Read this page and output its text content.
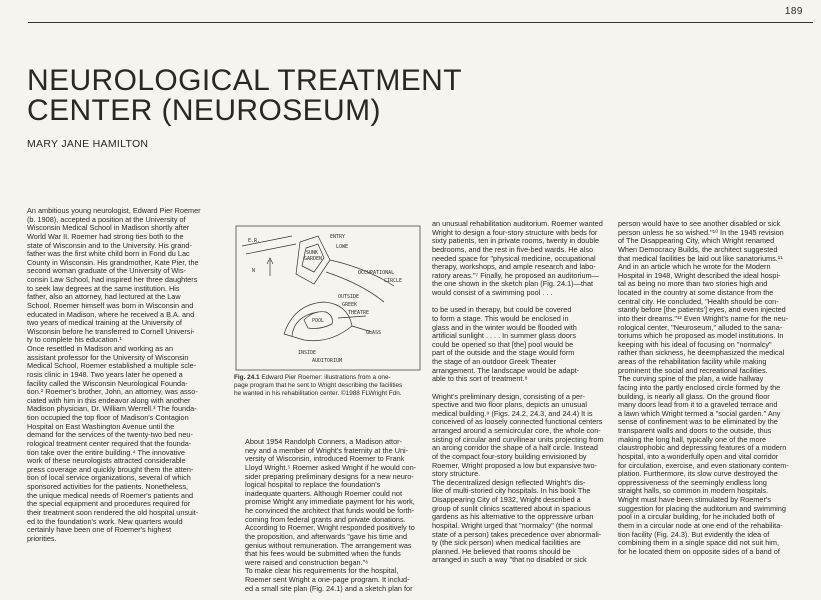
189
NEUROLOGICAL TREATMENT
CENTER (NEUROSEUM)
MARY JANE HAMILTON

An ambitious young neurologist, Edward Pier Roemer

(b. 1908), accepted a position at the University of

Wisconsin Medical School in Madison shortly after

World War II. Roemer had strong ties both to the

state of Wisconsin and to the University. His grand-

father was the first white child born in Fond du Lac

County in Wisconsin. His grandmother, Kate Pier, the

second woman graduate of the University of Wis-

consin Law School, had inspired her three daughters

to seek law degrees at the same institution. His

father, also an attorney, had lectured at the Law

School. Roemer himself was born in Wisconsin and

educated in Madison, where he received a B.A. and

two years of medical training at the University of

Wisconsin before he transferred to Cornell Universi-

ty to complete his education.¹

Once resettled in Madison and working as an

assistant professor for the University of Wisconsin

Medical School, Roemer established a multiple scle-

rosis clinic in 1948. Two years later he opened a

facility called the Wisconsin Neurological Founda-

tion.² Roemer's brother, John, an attorney, was asso-

ciated with him in this endeavor along with another

Madison physician, Dr. William Werrell.³ The founda-

tion occupied the top floor of Madison's Contagion

Hospital on East Washington Avenue until the

demand for the services of the twenty-two bed neu-

rological treatment center required that the founda-

tion take over the entire building.⁴ The innovative

work of these neurologists attracted considerable

press coverage and quickly brought them the atten-

tion of local service organizations, several of which

sponsored activities for the patients. Nonetheless,

the unique medical needs of Roemer's patients and

the special equipment and procedures required for

their treatment soon rendered the old hospital unsuit-

ed to the foundation's work. New quarters would

certainly have been one of Roemer's highest

priorities.

E.R.
N
ENTRY
SUNK
GARDEN
LOWE
OCCUPATIONAL
CIRCLE
OUTSIDE
GREEK
THEATRE
POOL
GLASS
INSIDE
AUDITORIUM
Fig. 24.1 Edward Pier Roemer: illustrations from a one-
page program that he sent to Wright describing the facilities
he wanted in his rehabilitation center. ©1988 FLWright Fdn.

About 1954 Randolph Conners, a Madison attor-

ney and a member of Wright's fraternity at the Uni-

versity of Wisconsin, introduced Roemer to Frank

Lloyd Wright.⁵ Roemer asked Wright if he would con-

sider preparing preliminary designs for a new neuro-

logical hospital to replace the foundation's

inadequate quarters. Although Roemer could not

promise Wright any immediate payment for his work,

he convinced the architect that funds would be forth-

coming from federal grants and private donations.

According to Roemer, Wright responded positively to

the proposition, and afterwards "gave his time and

genius without remuneration. The arrangement was

that his fees would be submitted when the funds

were raised and construction began."⁶

To make clear his requirements for the hospital,

Roemer sent Wright a one-page program. It includ-

ed a small site plan (Fig. 24.1) and a sketch plan for

an unusual rehabilitation auditorium. Roemer wanted

Wright to design a four-story structure with beds for

sixty patients, ten in private rooms, twenty in double

bedrooms, and the rest in five-bed wards. He also

needed space for "physical medicine, occupational

therapy, workshops, and ample research and labo-

ratory areas."⁷ Finally, he proposed an auditorium—

the one shown in the sketch plan (Fig. 24.1)—that

would consist of a swimming pool . . .

to be used in therapy, but could be covered

to form a stage. This would be enclosed in

glass and in the winter would be flooded with

artificial sunlight . . . . In summer glass doors

could be opened so that [the] pool would be

part of the outside and the stage would form

the stage of an outdoor Greek Theater

arrangement. The landscape would be adapt-

able to this sort of treatment.⁸

Wright's preliminary design, consisting of a per-

spective and two floor plans, depicts an unusual

medical building.⁹ (Figs. 24.2, 24.3, and 24.4) It is

conceived of as loosely connected functional centers

arranged around a semicircular core, the whole con-

sisting of circular and curvilinear units projecting from

an arcing corridor the shape of a half circle. Instead

of the compact four-story building envisioned by

Roemer, Wright proposed a low but expansive two-

story structure.

The decentralized design reflected Wright's dis-

like of multi-storied city hospitals. In his book The

Disappearing City of 1932, Wright described a

group of sunlit clinics scattered about in spacious

gardens as his alternative to the oppressive urban

hospital. Wright urged that "normalcy" (the normal

state of a person) takes precedence over abnormali-

ty (the sick person) when medical facilities are

planned. He believed that rooms should be

arranged in such a way "that no disabled or sick

person would have to see another disabled or sick

person unless he so wished."¹⁰ In the 1945 revision

of The Disappearing City, which Wright renamed

When Democracy Builds, the architect suggested

that medical facilities be laid out like sanatoriums.¹¹

And in an article which he wrote for the Modern

Hospital in 1948, Wright described the ideal hospi-

tal as being no more than two stories high and

located in the country at some distance from the

central city. He concluded, "Health should be con-

stantly before [the patients'] eyes, and even injected

into their dreams."¹² Even Wright's name for the neu-

rological center, "Neuroseum," alluded to the sana-

toriums which he proposed as model institutions. In

keeping with his ideal of focusing on "normalcy"

rather than sickness, he deemphasized the medical

areas of the rehabilitation facility while making

prominent the social and recreational facilities.

The curving spine of the plan, a wide hallway

facing into the partly enclosed circle formed by the

building, is nearly all glass. On the ground floor

many doors lead from it to a graveled terrace and

a lawn which Wright termed a "social garden." Any

sense of confinement was to be eliminated by the

transparent walls and doors to the outside, thus

making the long hall, typically one of the more

claustrophobic and depressing features of a modern

hospital, into a wonderfully open and vital corridor

for circulation, exercise, and even stationary contem-

plation. Furthermore, its slow curve destroyed the

oppressiveness of the seemingly endless long

straight halls, so common in modern hospitals.

Wright must have been stimulated by Roemer's

suggestion for placing the auditorium and swimming

pool in a circular building, for he included both of

them in a circular node at one end of the rehabilita-

tion facility (Fig. 24.3). But evidently the idea of

combining them in a single space did not suit him,

for he located them on opposite sides of a band of
